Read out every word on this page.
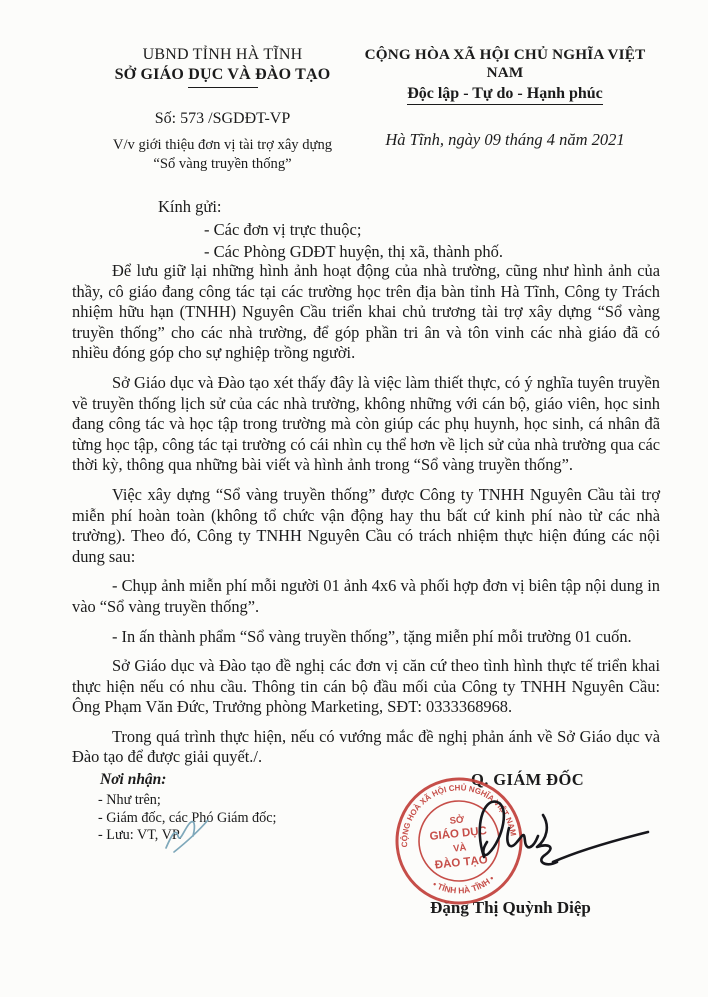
UBND TỈNH HÀ TĨNH
SỞ GIÁO DỤC VÀ ĐÀO TẠO
Số: 573 /SGDĐT-VP
V/v giới thiệu đơn vị tài trợ xây dựng
“Sổ vàng truyền thống”
CỘNG HÒA XÃ HỘI CHỦ NGHĨA VIỆT NAM
Độc lập - Tự do - Hạnh phúc
Hà Tĩnh, ngày 09 tháng 4 năm 2021
Kính gửi:
- Các đơn vị trực thuộc;
- Các Phòng GDĐT huyện, thị xã, thành phố.

Để lưu giữ lại những hình ảnh hoạt động của nhà trường, cũng như hình ảnh của thầy, cô giáo đang công tác tại các trường học trên địa bàn tỉnh Hà Tĩnh, Công ty Trách nhiệm hữu hạn (TNHH) Nguyên Cầu triển khai chủ trương tài trợ xây dựng “Sổ vàng truyền thống” cho các nhà trường, để góp phần tri ân và tôn vinh các nhà giáo đã có nhiều đóng góp cho sự nghiệp trồng người.

Sở Giáo dục và Đào tạo xét thấy đây là việc làm thiết thực, có ý nghĩa tuyên truyền về truyền thống lịch sử của các nhà trường, không những với cán bộ, giáo viên, học sinh đang công tác và học tập trong trường mà còn giúp các phụ huynh, học sinh, cá nhân đã từng học tập, công tác tại trường có cái nhìn cụ thể hơn về lịch sử của nhà trường qua các thời kỳ, thông qua những bài viết và hình ảnh trong “Sổ vàng truyền thống”.

Việc xây dựng “Sổ vàng truyền thống” được Công ty TNHH Nguyên Cầu tài trợ miễn phí hoàn toàn (không tổ chức vận động hay thu bất cứ kinh phí nào từ các nhà trường). Theo đó, Công ty TNHH Nguyên Cầu có trách nhiệm thực hiện đúng các nội dung sau:

- Chụp ảnh miễn phí mỗi người 01 ảnh 4x6 và phối hợp đơn vị biên tập nội dung in vào “Sổ vàng truyền thống”.

- In ấn thành phẩm “Sổ vàng truyền thống”, tặng miễn phí mỗi trường 01 cuốn.

Sở Giáo dục và Đào tạo đề nghị các đơn vị căn cứ theo tình hình thực tế triển khai thực hiện nếu có nhu cầu. Thông tin cán bộ đầu mối của Công ty TNHH Nguyên Cầu: Ông Phạm Văn Đức, Trưởng phòng Marketing, SĐT: 0333368968.

Trong quá trình thực hiện, nếu có vướng mắc đề nghị phản ánh về Sở Giáo dục và Đào tạo để được giải quyết./.

Nơi nhận:
- Như trên;
- Giám đốc, các Phó Giám đốc;
- Lưu: VT, VP.
Q. GIÁM ĐỐC
Đặng Thị Quỳnh Diệp
CỘNG HOÀ XÃ HỘI CHỦ NGHĨA VIỆT NAM
• TỈNH HÀ TĨNH •
SỞ
GIÁO DỤC
VÀ
ĐÀO TẠO
